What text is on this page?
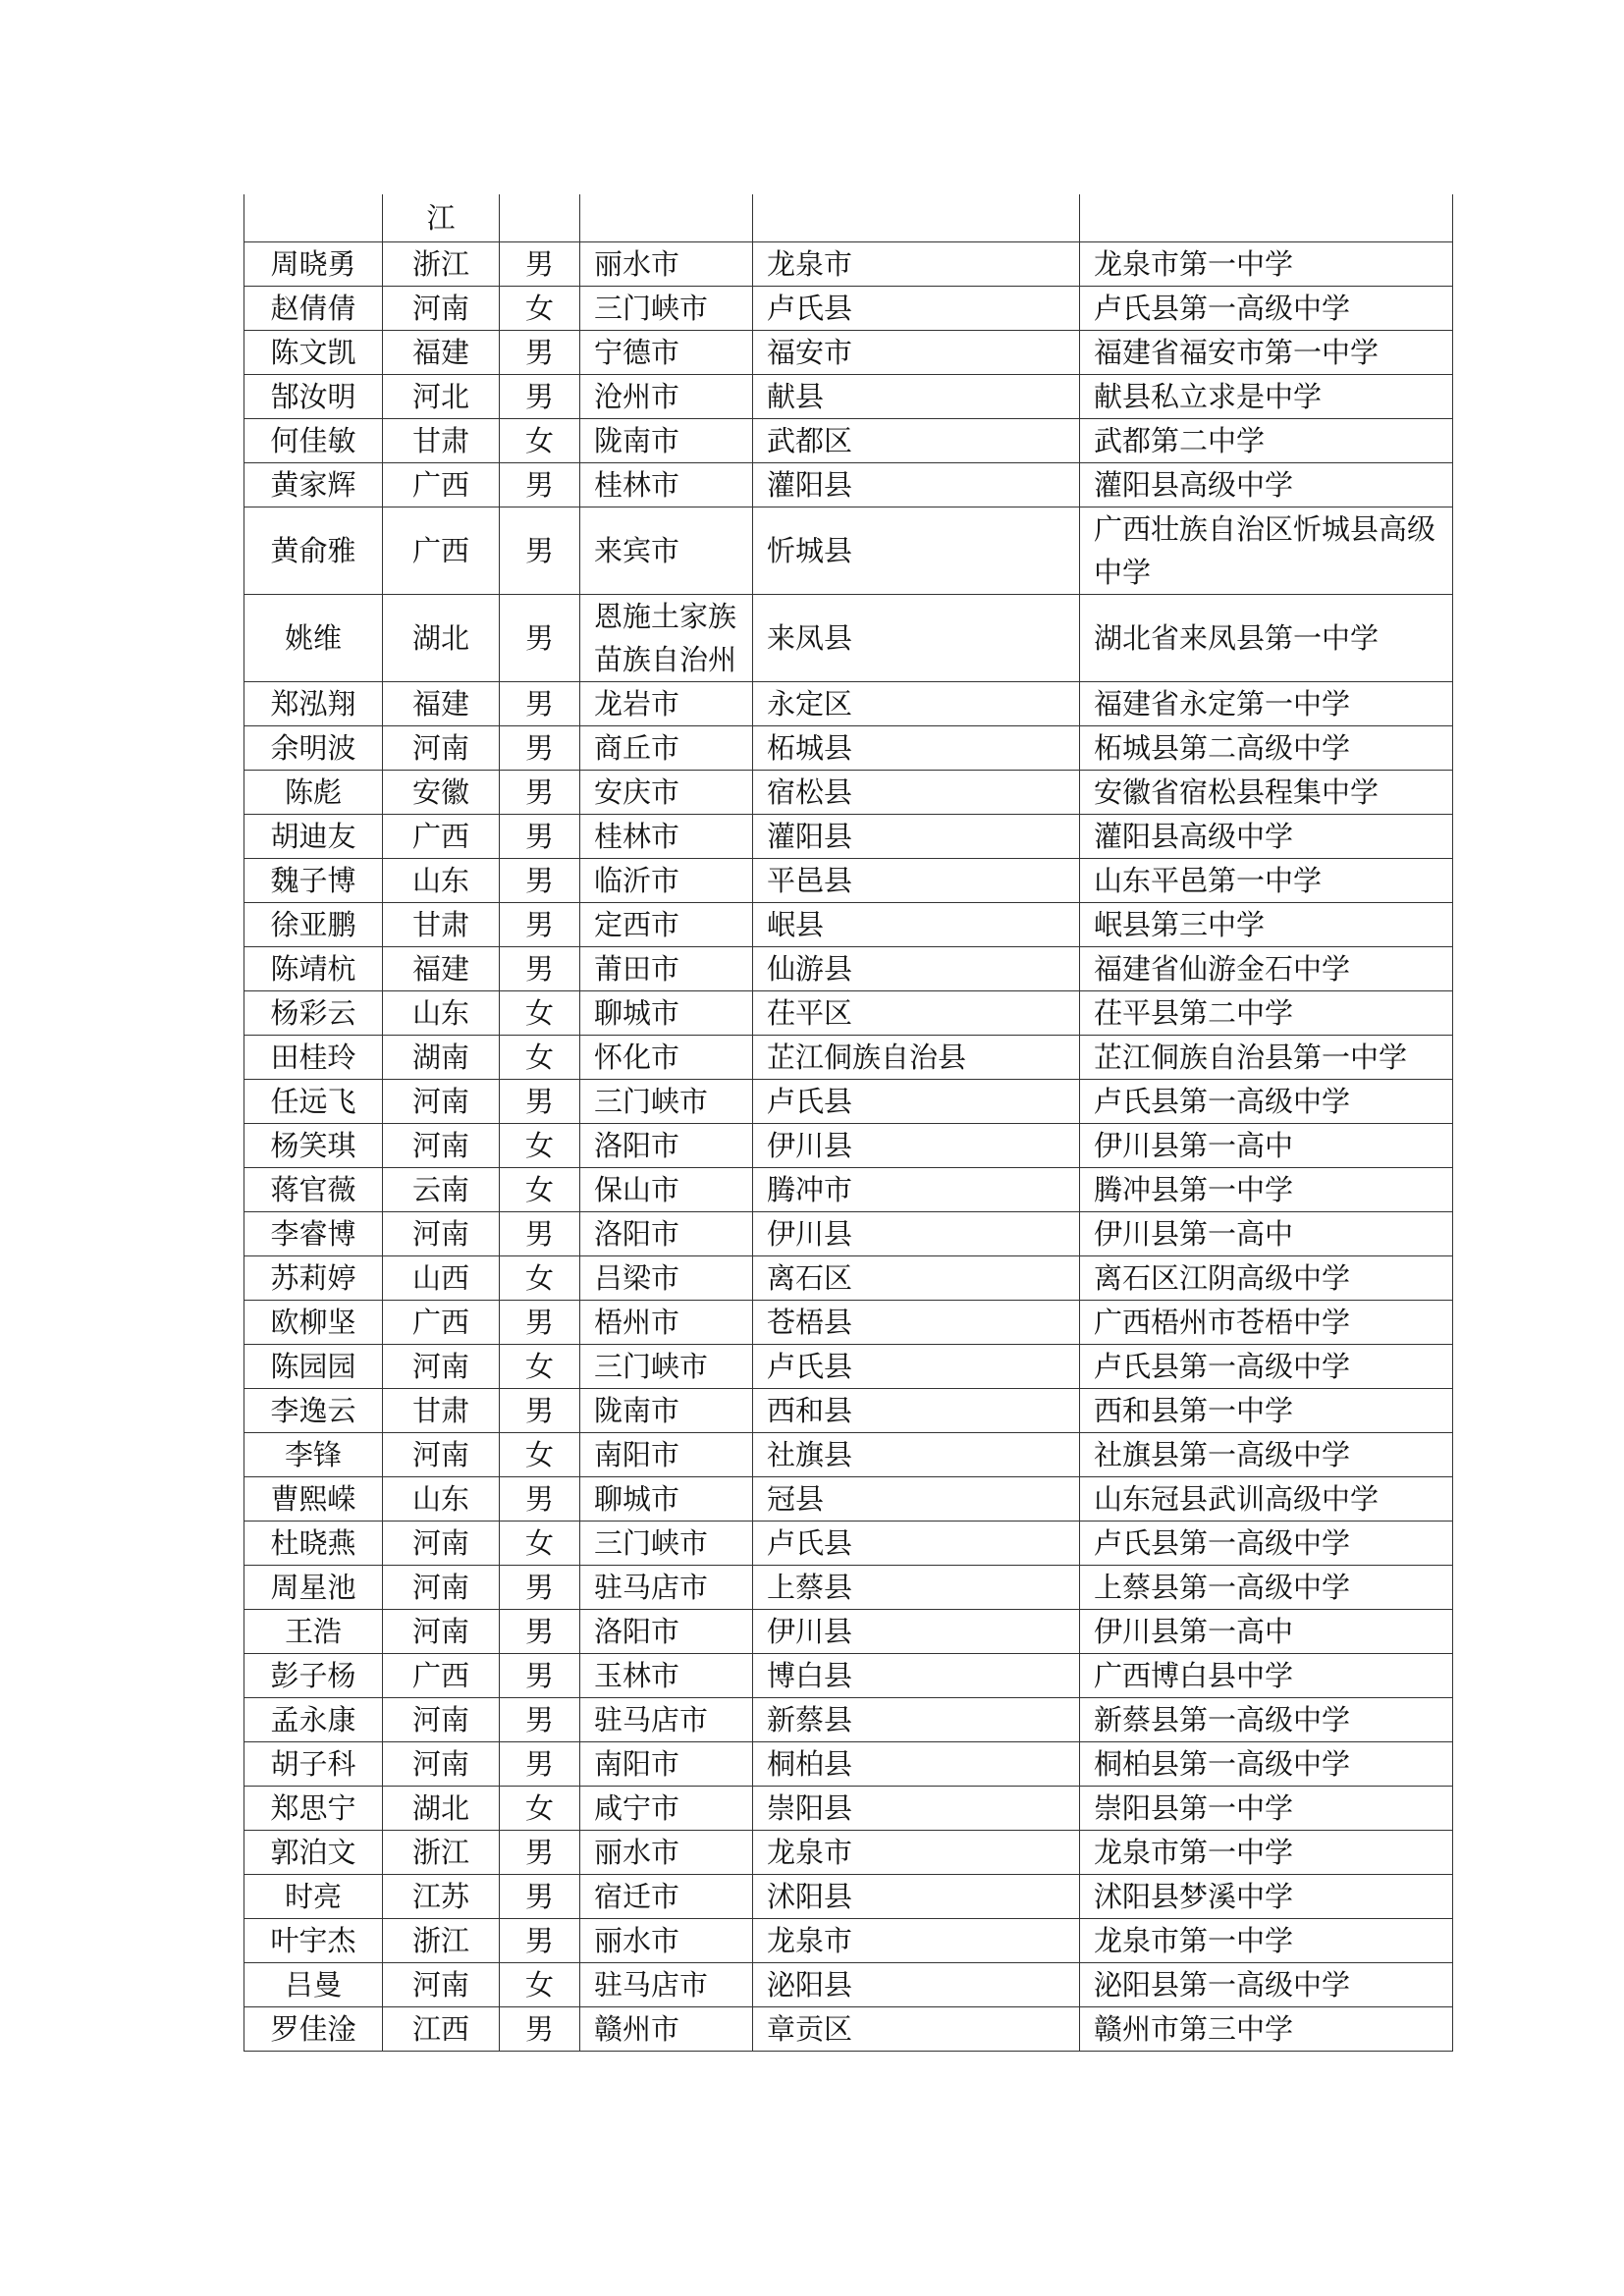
	江				
周晓勇	浙江	男	丽水市	龙泉市	龙泉市第一中学
赵倩倩	河南	女	三门峡市	卢氏县	卢氏县第一高级中学
陈文凯	福建	男	宁德市	福安市	福建省福安市第一中学
郜汝明	河北	男	沧州市	献县	献县私立求是中学
何佳敏	甘肃	女	陇南市	武都区	武都第二中学
黄家辉	广西	男	桂林市	灌阳县	灌阳县高级中学
黄俞雅	广西	男	来宾市	忻城县	广西壮族自治区忻城县高级中学
姚维	湖北	男	恩施土家族苗族自治州	来凤县	湖北省来凤县第一中学
郑泓翔	福建	男	龙岩市	永定区	福建省永定第一中学
余明波	河南	男	商丘市	柘城县	柘城县第二高级中学
陈彪	安徽	男	安庆市	宿松县	安徽省宿松县程集中学
胡迪友	广西	男	桂林市	灌阳县	灌阳县高级中学
魏子博	山东	男	临沂市	平邑县	山东平邑第一中学
徐亚鹏	甘肃	男	定西市	岷县	岷县第三中学
陈靖杭	福建	男	莆田市	仙游县	福建省仙游金石中学
杨彩云	山东	女	聊城市	茌平区	茌平县第二中学
田桂玲	湖南	女	怀化市	芷江侗族自治县	芷江侗族自治县第一中学
任远飞	河南	男	三门峡市	卢氏县	卢氏县第一高级中学
杨笑琪	河南	女	洛阳市	伊川县	伊川县第一高中
蒋官薇	云南	女	保山市	腾冲市	腾冲县第一中学
李睿博	河南	男	洛阳市	伊川县	伊川县第一高中
苏莉婷	山西	女	吕梁市	离石区	离石区江阴高级中学
欧柳坚	广西	男	梧州市	苍梧县	广西梧州市苍梧中学
陈园园	河南	女	三门峡市	卢氏县	卢氏县第一高级中学
李逸云	甘肃	男	陇南市	西和县	西和县第一中学
李锋	河南	女	南阳市	社旗县	社旗县第一高级中学
曹熙嵘	山东	男	聊城市	冠县	山东冠县武训高级中学
杜晓燕	河南	女	三门峡市	卢氏县	卢氏县第一高级中学
周星池	河南	男	驻马店市	上蔡县	上蔡县第一高级中学
王浩	河南	男	洛阳市	伊川县	伊川县第一高中
彭子杨	广西	男	玉林市	博白县	广西博白县中学
孟永康	河南	男	驻马店市	新蔡县	新蔡县第一高级中学
胡子科	河南	男	南阳市	桐柏县	桐柏县第一高级中学
郑思宁	湖北	女	咸宁市	崇阳县	崇阳县第一中学
郭泊文	浙江	男	丽水市	龙泉市	龙泉市第一中学
时亮	江苏	男	宿迁市	沭阳县	沭阳县梦溪中学
叶宇杰	浙江	男	丽水市	龙泉市	龙泉市第一中学
吕曼	河南	女	驻马店市	泌阳县	泌阳县第一高级中学
罗佳淦	江西	男	赣州市	章贡区	赣州市第三中学
